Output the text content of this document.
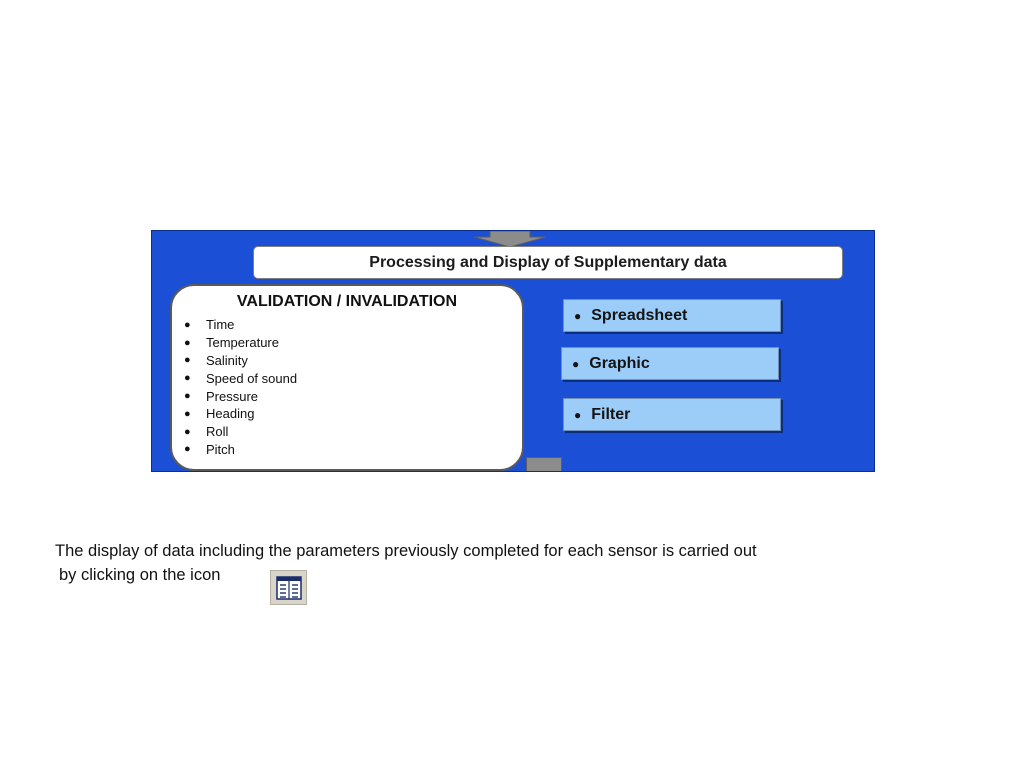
Processing and Display of Supplementary data
VALIDATION / INVALIDATION
●	Time
●	Temperature
●	Salinity
●	Speed of sound
●	Pressure
●	Heading
●	Roll
●	Pitch
● Spreadsheet
● Graphic
● Filter
The display of data including the parameters previously completed for each sensor is carried out
by clicking on the icon
